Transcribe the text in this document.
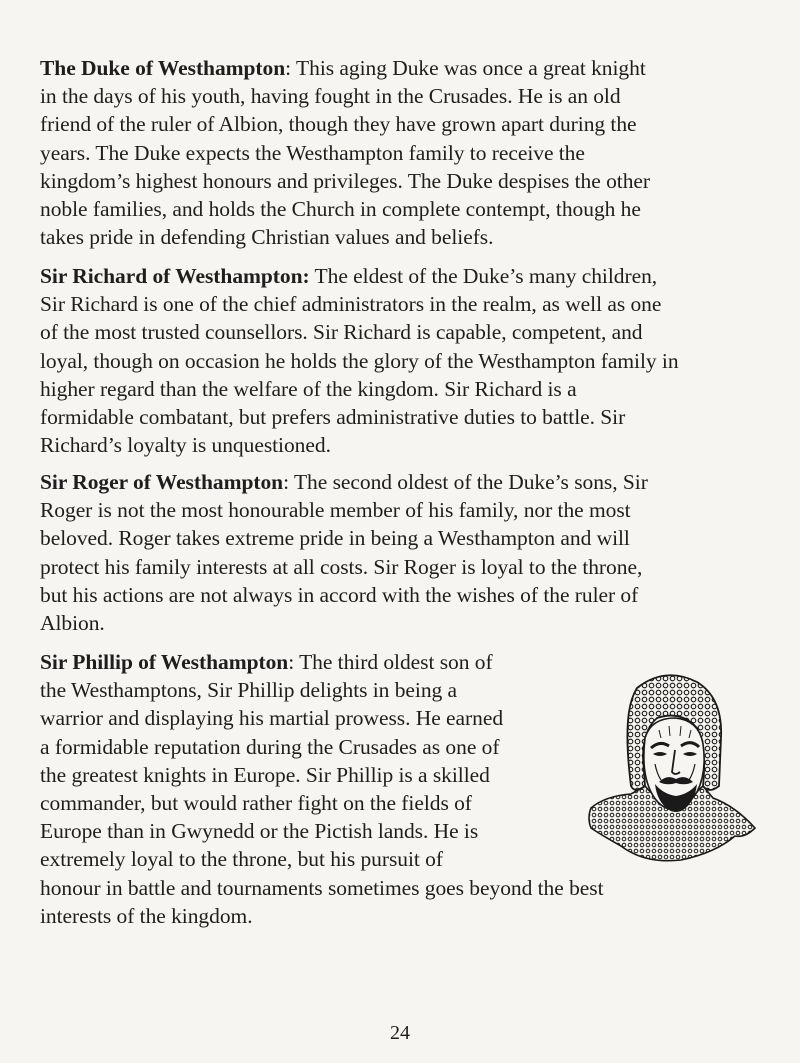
The Duke of Westhampton: This aging Duke was once a great knight
in the days of his youth, having fought in the Crusades. He is an old
friend of the ruler of Albion, though they have grown apart during the
years. The Duke expects the Westhampton family to receive the
kingdom’s highest honours and privileges. The Duke despises the other
noble families, and holds the Church in complete contempt, though he
takes pride in defending Christian values and beliefs.

Sir Richard of Westhampton: The eldest of the Duke’s many children,
Sir Richard is one of the chief administrators in the realm, as well as one
of the most trusted counsellors. Sir Richard is capable, competent, and
loyal, though on occasion he holds the glory of the Westhampton family in
higher regard than the welfare of the kingdom. Sir Richard is a
formidable combatant, but prefers administrative duties to battle. Sir
Richard’s loyalty is unquestioned.

Sir Roger of Westhampton: The second oldest of the Duke’s sons, Sir
Roger is not the most honourable member of his family, nor the most
beloved. Roger takes extreme pride in being a Westhampton and will
protect his family interests at all costs. Sir Roger is loyal to the throne,
but his actions are not always in accord with the wishes of the ruler of
Albion.

Sir Phillip of Westhampton: The third oldest son of
the Westhamptons, Sir Phillip delights in being a
warrior and displaying his martial prowess. He earned
a formidable reputation during the Crusades as one of
the greatest knights in Europe. Sir Phillip is a skilled
commander, but would rather fight on the fields of
Europe than in Gwynedd or the Pictish lands. He is
extremely loyal to the throne, but his pursuit of
honour in battle and tournaments sometimes goes beyond the best
interests of the kingdom.

24
